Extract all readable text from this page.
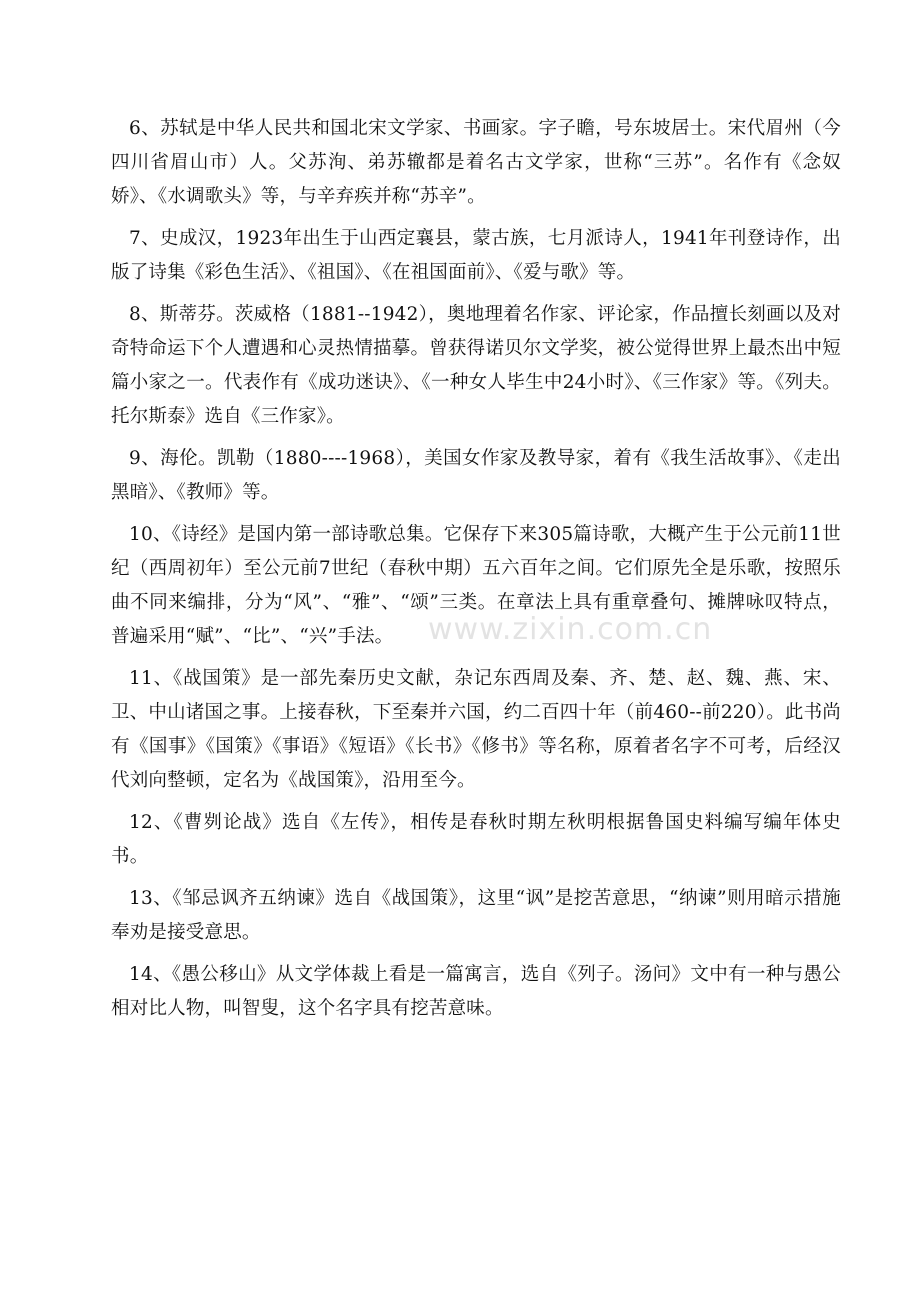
www.zixin.com.cn

6、苏轼是中华人民共和国北宋文学家、书画家。字子瞻，号东坡居士。宋代眉州（今四川省眉山市）人。父苏洵、弟苏辙都是着名古文学家，世称“三苏”。名作有《念奴娇》、《水调歌头》等，与辛弃疾并称“苏辛”。

7、史成汉，1923年出生于山西定襄县，蒙古族，七月派诗人，1941年刊登诗作，出版了诗集《彩色生活》、《祖国》、《在祖国面前》、《爱与歌》等。

8、斯蒂芬。茨威格（1881--1942），奥地理着名作家、评论家，作品擅长刻画以及对奇特命运下个人遭遇和心灵热情描摹。曾获得诺贝尔文学奖，被公觉得世界上最杰出中短篇小家之一。代表作有《成功迷诀》、《一种女人毕生中24小时》、《三作家》等。《列夫。托尔斯泰》选自《三作家》。

9、海伦。凯勒（1880----1968），美国女作家及教导家，着有《我生活故事》、《走出黑暗》、《教师》等。

10、《诗经》是国内第一部诗歌总集。它保存下来305篇诗歌，大概产生于公元前11世纪（西周初年）至公元前7世纪（春秋中期）五六百年之间。它们原先全是乐歌，按照乐曲不同来编排，分为“风”、“雅”、“颂”三类。在章法上具有重章叠句、摊牌咏叹特点，普遍采用“赋”、“比”、“兴”手法。

11、《战国策》是一部先秦历史文献，杂记东西周及秦、齐、楚、赵、魏、燕、宋、卫、中山诸国之事。上接春秋，下至秦并六国，约二百四十年（前460--前220）。此书尚有《国事》《国策》《事语》《短语》《长书》《修书》等名称，原着者名字不可考，后经汉代刘向整顿，定名为《战国策》，沿用至今。

12、《曹刿论战》选自《左传》，相传是春秋时期左秋明根据鲁国史料编写编年体史书。

13、《邹忌讽齐五纳谏》选自《战国策》，这里“讽”是挖苦意思，“纳谏”则用暗示措施奉劝是接受意思。

14、《愚公移山》从文学体裁上看是一篇寓言，选自《列子。汤问》文中有一种与愚公相对比人物，叫智叟，这个名字具有挖苦意味。
